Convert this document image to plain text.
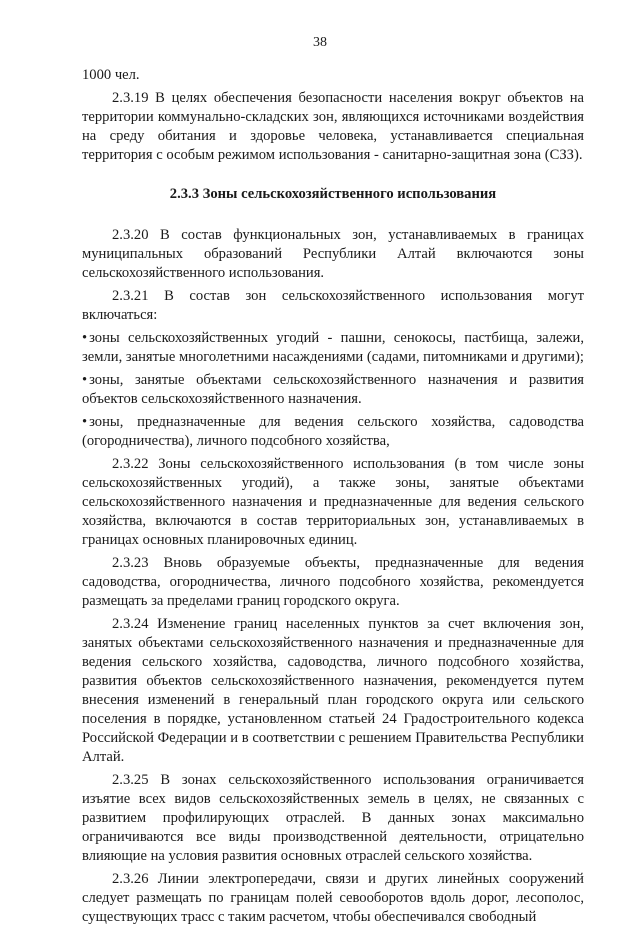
38

1000 чел.

2.3.19 В целях обеспечения безопасности населения вокруг объектов на территории коммунально-складских зон, являющихся источниками воздействия на среду обитания и здоровье человека, устанавливается специальная территория с особым режимом использования - санитарно-защитная зона (СЗЗ).

2.3.3 Зоны сельскохозяйственного использования

2.3.20 В состав функциональных зон, устанавливаемых в границах муниципальных образований Республики Алтай включаются зоны сельскохозяйственного использования.

2.3.21 В состав зон сельскохозяйственного использования могут включаться:

• зоны сельскохозяйственных угодий - пашни, сенокосы, пастбища, залежи, земли, занятые многолетними насаждениями (садами, питомниками и другими);

• зоны, занятые объектами сельскохозяйственного назначения и развития объектов сельскохозяйственного назначения.

• зоны, предназначенные для ведения сельского хозяйства, садоводства (огородничества), личного подсобного хозяйства,

2.3.22 Зоны сельскохозяйственного использования (в том числе зоны сельскохозяйственных угодий), а также зоны, занятые объектами сельскохозяйственного назначения и предназначенные для ведения сельского хозяйства, включаются в состав территориальных зон, устанавливаемых в границах основных планировочных единиц.

2.3.23 Вновь образуемые объекты, предназначенные для ведения садоводства, огородничества, личного подсобного хозяйства, рекомендуется размещать за пределами границ городского округа.

2.3.24 Изменение границ населенных пунктов за счет включения зон, занятых объектами сельскохозяйственного назначения и предназначенные для ведения сельского хозяйства, садоводства, личного подсобного хозяйства, развития объектов сельскохозяйственного назначения, рекомендуется путем внесения изменений в генеральный план городского округа или сельского поселения в порядке, установленном статьей 24 Градостроительного кодекса Российской Федерации и в соответствии с решением Правительства Республики Алтай.

2.3.25 В зонах сельскохозяйственного использования ограничивается изъятие всех видов сельскохозяйственных земель в целях, не связанных с развитием профилирующих отраслей. В данных зонах максимально ограничиваются все виды производственной деятельности, отрицательно влияющие на условия развития основных отраслей сельского хозяйства.

2.3.26 Линии электропередачи, связи и других линейных сооружений следует размещать по границам полей севооборотов вдоль дорог, лесополос, существующих трасс с таким расчетом, чтобы обеспечивался свободный
